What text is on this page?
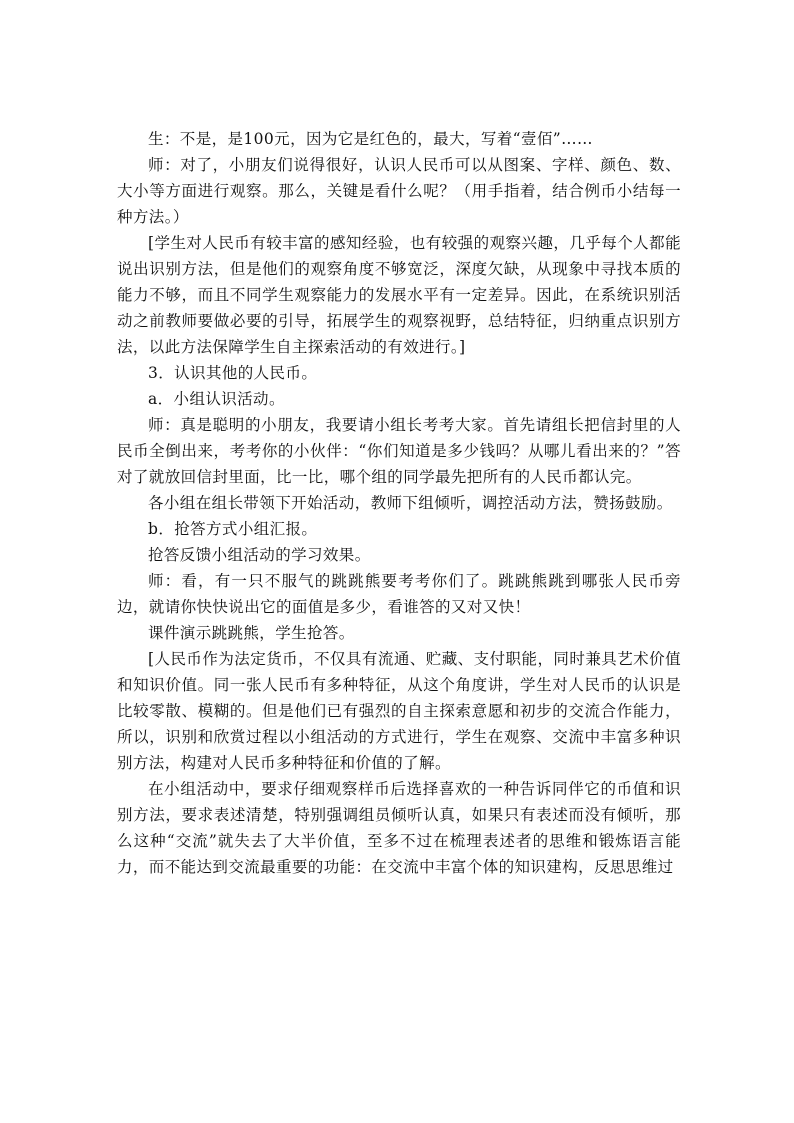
生：不是，是100元，因为它是红色的，最大，写着“壹佰”……

师：对了，小朋友们说得很好，认识人民币可以从图案、字样、颜色、数、大小等方面进行观察。那么，关键是看什么呢？（用手指着，结合例币小结每一种方法。）

[学生对人民币有较丰富的感知经验，也有较强的观察兴趣，几乎每个人都能说出识别方法，但是他们的观察角度不够宽泛，深度欠缺，从现象中寻找本质的能力不够，而且不同学生观察能力的发展水平有一定差异。因此，在系统识别活动之前教师要做必要的引导，拓展学生的观察视野，总结特征，归纳重点识别方法，以此方法保障学生自主探索活动的有效进行。]

3．认识其他的人民币。

a．小组认识活动。

师：真是聪明的小朋友，我要请小组长考考大家。首先请组长把信封里的人民币全倒出来，考考你的小伙伴：“你们知道是多少钱吗？从哪儿看出来的？”答对了就放回信封里面，比一比，哪个组的同学最先把所有的人民币都认完。

各小组在组长带领下开始活动，教师下组倾听，调控活动方法，赞扬鼓励。

b．抢答方式小组汇报。

抢答反馈小组活动的学习效果。

师：看，有一只不服气的跳跳熊要考考你们了。跳跳熊跳到哪张人民币旁边，就请你快快说出它的面值是多少，看谁答的又对又快！

课件演示跳跳熊，学生抢答。

[人民币作为法定货币，不仅具有流通、贮藏、支付职能，同时兼具艺术价值和知识价值。同一张人民币有多种特征，从这个角度讲，学生对人民币的认识是比较零散、模糊的。但是他们已有强烈的自主探索意愿和初步的交流合作能力，所以，识别和欣赏过程以小组活动的方式进行，学生在观察、交流中丰富多种识别方法，构建对人民币多种特征和价值的了解。

在小组活动中，要求仔细观察样币后选择喜欢的一种告诉同伴它的币值和识别方法，要求表述清楚，特别强调组员倾听认真，如果只有表述而没有倾听，那么这种“交流”就失去了大半价值，至多不过在梳理表述者的思维和锻炼语言能力，而不能达到交流最重要的功能：在交流中丰富个体的知识建构，反思思维过
